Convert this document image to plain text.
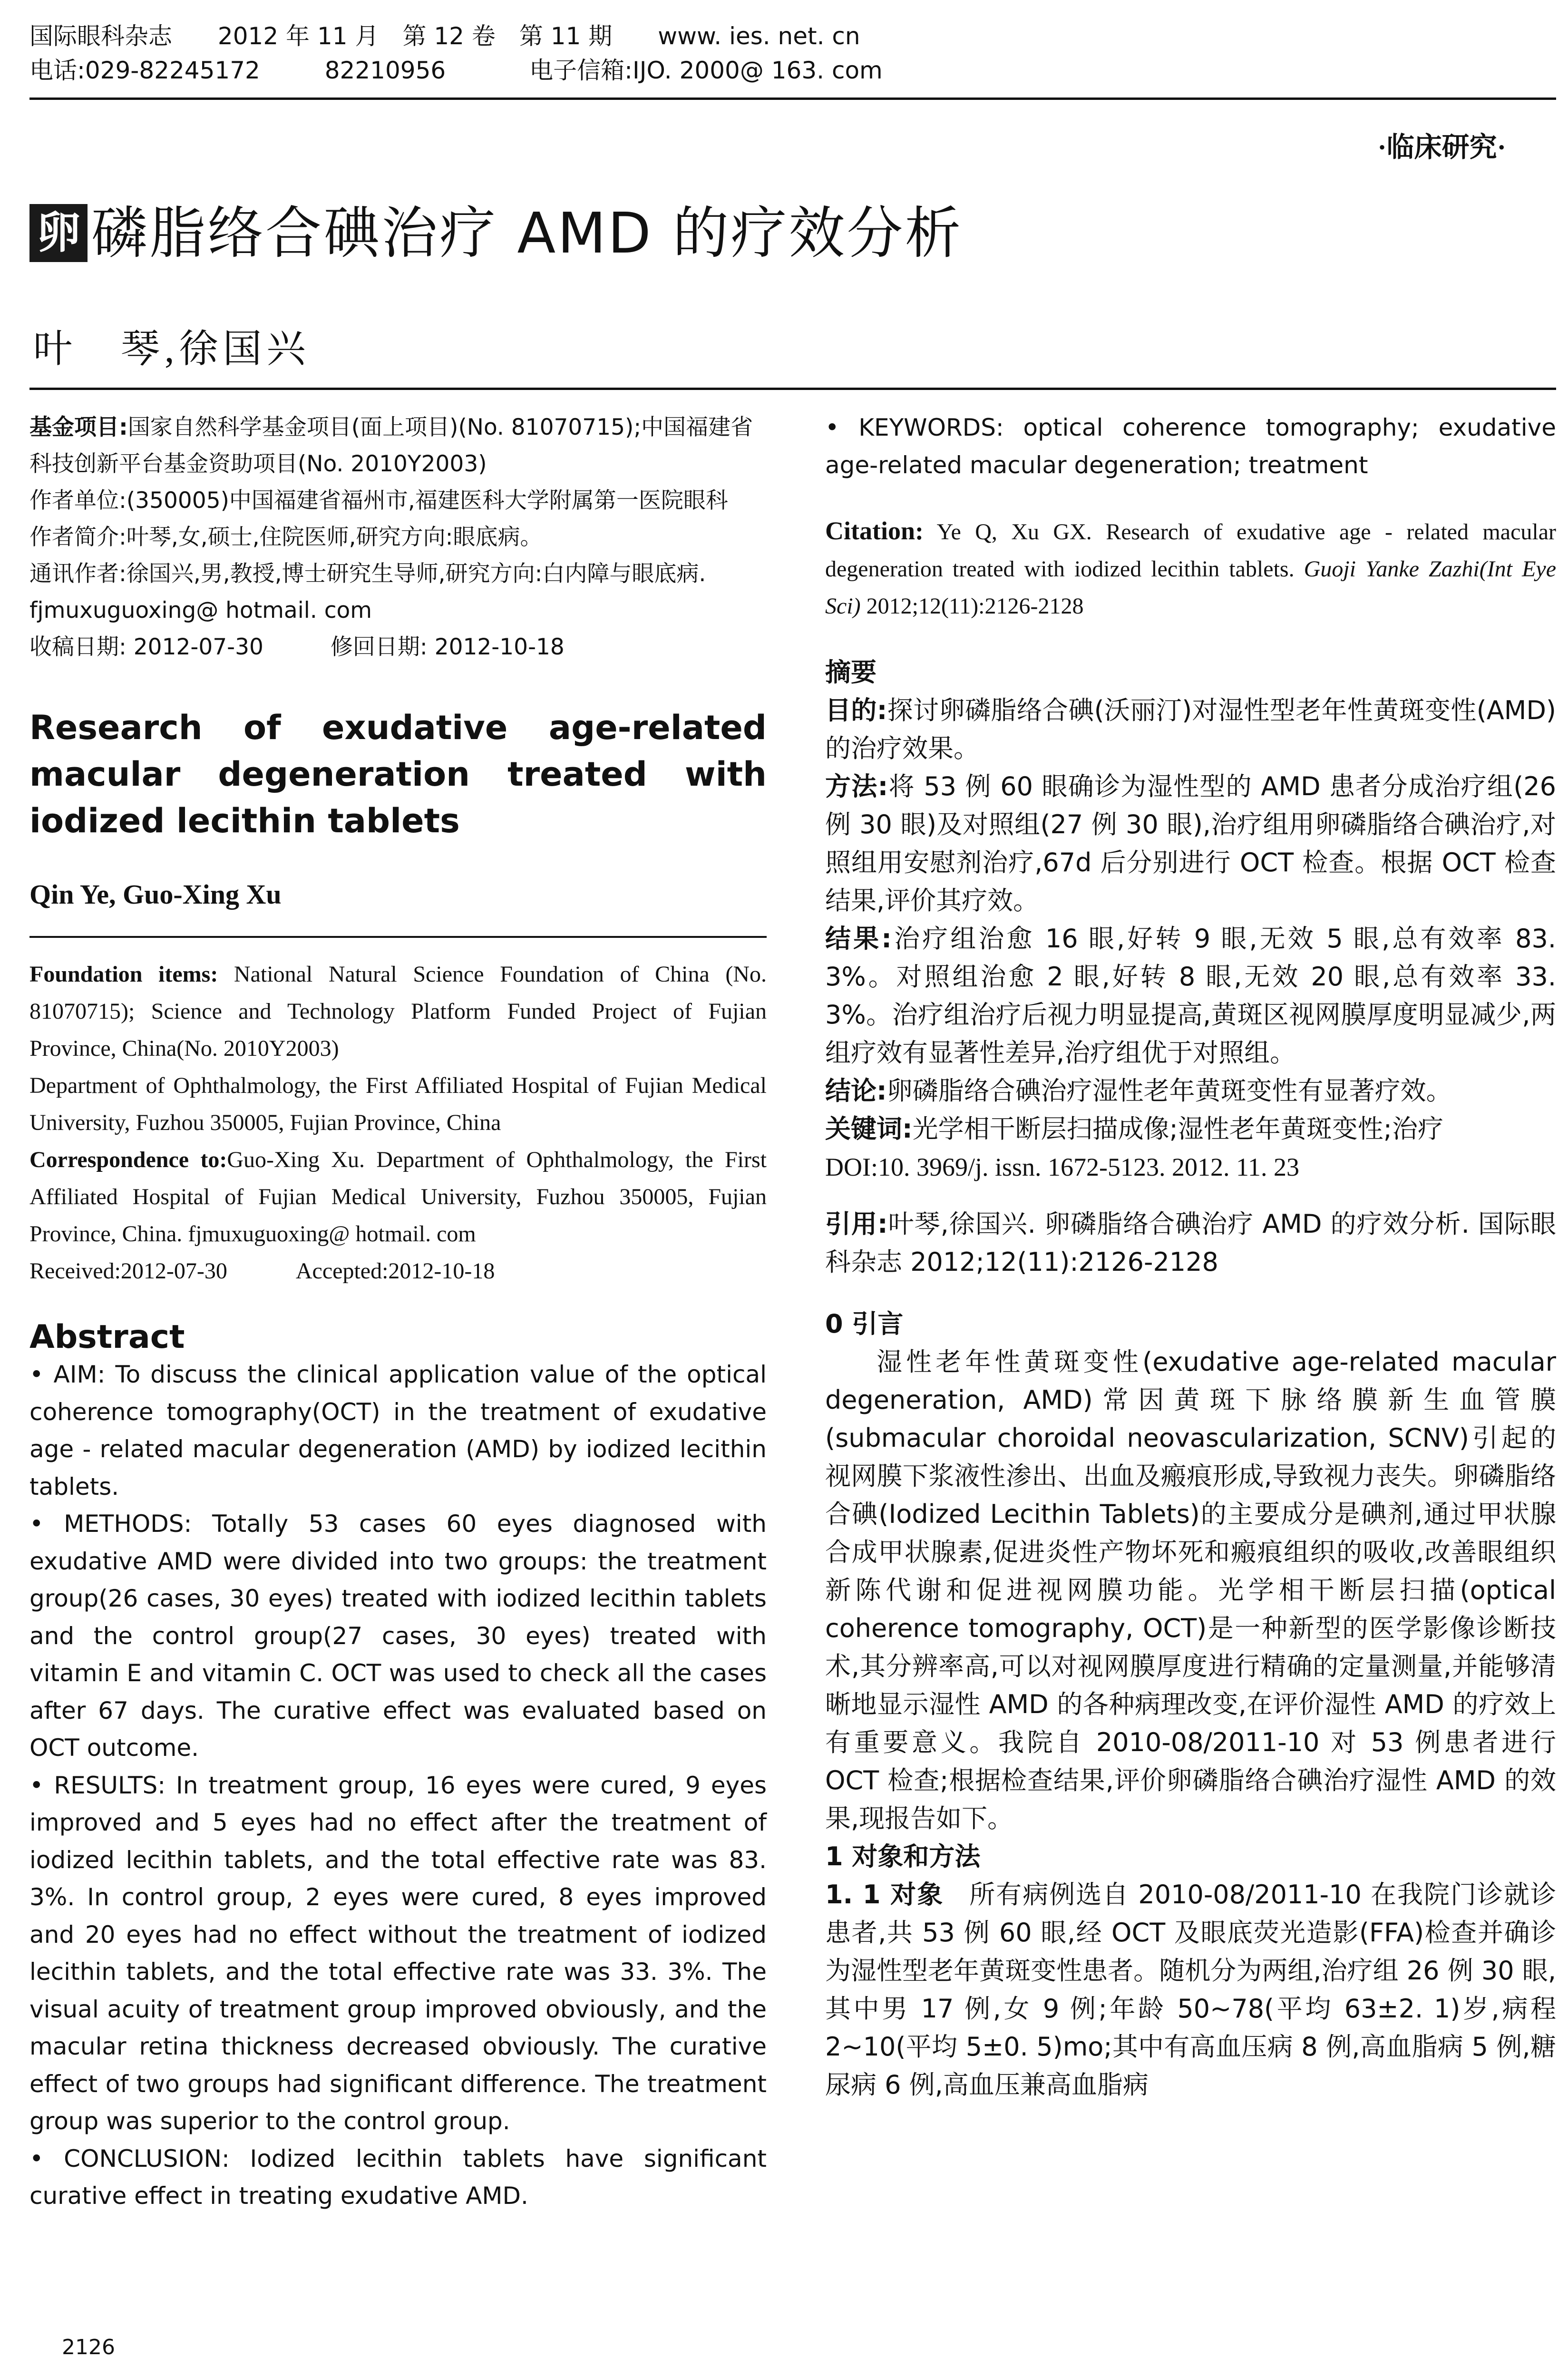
国际眼科杂志 2012 年 11 月　第 12 卷　第 11 期 www. ies. net. cn
电话:029-82245172	82210956	电子信箱:IJO. 2000@ 163. com
·临床研究·
卵 磷脂络合碘治疗 AMD 的疗效分析
叶　琴,徐国兴

基金项目:国家自然科学基金项目(面上项目)(No. 81070715);中国福建省科技创新平台基金资助项目(No. 2010Y2003)

作者单位:(350005)中国福建省福州市,福建医科大学附属第一医院眼科

作者简介:叶琴,女,硕士,住院医师,研究方向:眼底病。

通讯作者:徐国兴,男,教授,博士研究生导师,研究方向:白内障与眼底病. fjmuxuguoxing@ hotmail. com

收稿日期: 2012-07-30　　　修回日期: 2012-10-18

Research of exudative age-related macular degeneration treated with iodized lecithin tablets

Qin Ye, Guo-Xing Xu

Foundation items: National Natural Science Foundation of China (No. 81070715); Science and Technology Platform Funded Project of Fujian Province, China(No. 2010Y2003)

Department of Ophthalmology, the First Affiliated Hospital of Fujian Medical University, Fuzhou 350005, Fujian Province, China

Correspondence to:Guo-Xing Xu. Department of Ophthalmology, the First Affiliated Hospital of Fujian Medical University, Fuzhou 350005, Fujian Province, China. fjmuxuguoxing@ hotmail. com

Received:2012-07-30　　　Accepted:2012-10-18

Abstract

• AIM: To discuss the clinical application value of the optical coherence tomography(OCT) in the treatment of exudative age - related macular degeneration (AMD) by iodized lecithin tablets.

• METHODS: Totally 53 cases 60 eyes diagnosed with exudative AMD were divided into two groups: the treatment group(26 cases, 30 eyes) treated with iodized lecithin tablets and the control group(27 cases, 30 eyes) treated with vitamin E and vitamin C. OCT was used to check all the cases after 67 days. The curative effect was evaluated based on OCT outcome.

• RESULTS: In treatment group, 16 eyes were cured, 9 eyes improved and 5 eyes had no effect after the treatment of iodized lecithin tablets, and the total effective rate was 83. 3%. In control group, 2 eyes were cured, 8 eyes improved and 20 eyes had no effect without the treatment of iodized lecithin tablets, and the total effective rate was 33. 3%. The visual acuity of treatment group improved obviously, and the macular retina thickness decreased obviously. The curative effect of two groups had significant difference. The treatment group was superior to the control group.

• CONCLUSION: Iodized lecithin tablets have significant curative effect in treating exudative AMD.

• KEYWORDS: optical coherence tomography; exudative age-related macular degeneration; treatment

Citation: Ye Q, Xu GX. Research of exudative age - related macular degeneration treated with iodized lecithin tablets. Guoji Yanke Zazhi(Int Eye Sci) 2012;12(11):2126-2128

摘要

目的:探讨卵磷脂络合碘(沃丽汀)对湿性型老年性黄斑变性(AMD)的治疗效果。

方法:将 53 例 60 眼确诊为湿性型的 AMD 患者分成治疗组(26 例 30 眼)及对照组(27 例 30 眼),治疗组用卵磷脂络合碘治疗,对照组用安慰剂治疗,67d 后分别进行 OCT 检查。根据 OCT 检查结果,评价其疗效。

结果:治疗组治愈 16 眼,好转 9 眼,无效 5 眼,总有效率 83. 3%。对照组治愈 2 眼,好转 8 眼,无效 20 眼,总有效率 33. 3%。治疗组治疗后视力明显提高,黄斑区视网膜厚度明显减少,两组疗效有显著性差异,治疗组优于对照组。

结论:卵磷脂络合碘治疗湿性老年黄斑变性有显著疗效。

关键词:光学相干断层扫描成像;湿性老年黄斑变性;治疗

DOI:10. 3969/j. issn. 1672-5123. 2012. 11. 23

引用:叶琴,徐国兴. 卵磷脂络合碘治疗 AMD 的疗效分析. 国际眼科杂志 2012;12(11):2126-2128

0 引言

湿性老年性黄斑变性(exudative age-related macular degeneration, AMD)常因黄斑下脉络膜新生血管膜(submacular choroidal neovascularization, SCNV)引起的视网膜下浆液性渗出、出血及瘢痕形成,导致视力丧失。卵磷脂络合碘(Iodized Lecithin Tablets)的主要成分是碘剂,通过甲状腺合成甲状腺素,促进炎性产物坏死和瘢痕组织的吸收,改善眼组织新陈代谢和促进视网膜功能。光学相干断层扫描(optical coherence tomography, OCT)是一种新型的医学影像诊断技术,其分辨率高,可以对视网膜厚度进行精确的定量测量,并能够清晰地显示湿性 AMD 的各种病理改变,在评价湿性 AMD 的疗效上有重要意义。我院自 2010-08/2011-10 对 53 例患者进行 OCT 检查;根据检查结果,评价卵磷脂络合碘治疗湿性 AMD 的效果,现报告如下。

1 对象和方法

1. 1 对象 所有病例选自 2010-08/2011-10 在我院门诊就诊患者,共 53 例 60 眼,经 OCT 及眼底荧光造影(FFA)检查并确诊为湿性型老年黄斑变性患者。随机分为两组,治疗组 26 例 30 眼,其中男 17 例,女 9 例;年龄 50~78(平均 63±2. 1)岁,病程 2~10(平均 5±0. 5)mo;其中有高血压病 8 例,高血脂病 5 例,糖尿病 6 例,高血压兼高血脂病

2126
